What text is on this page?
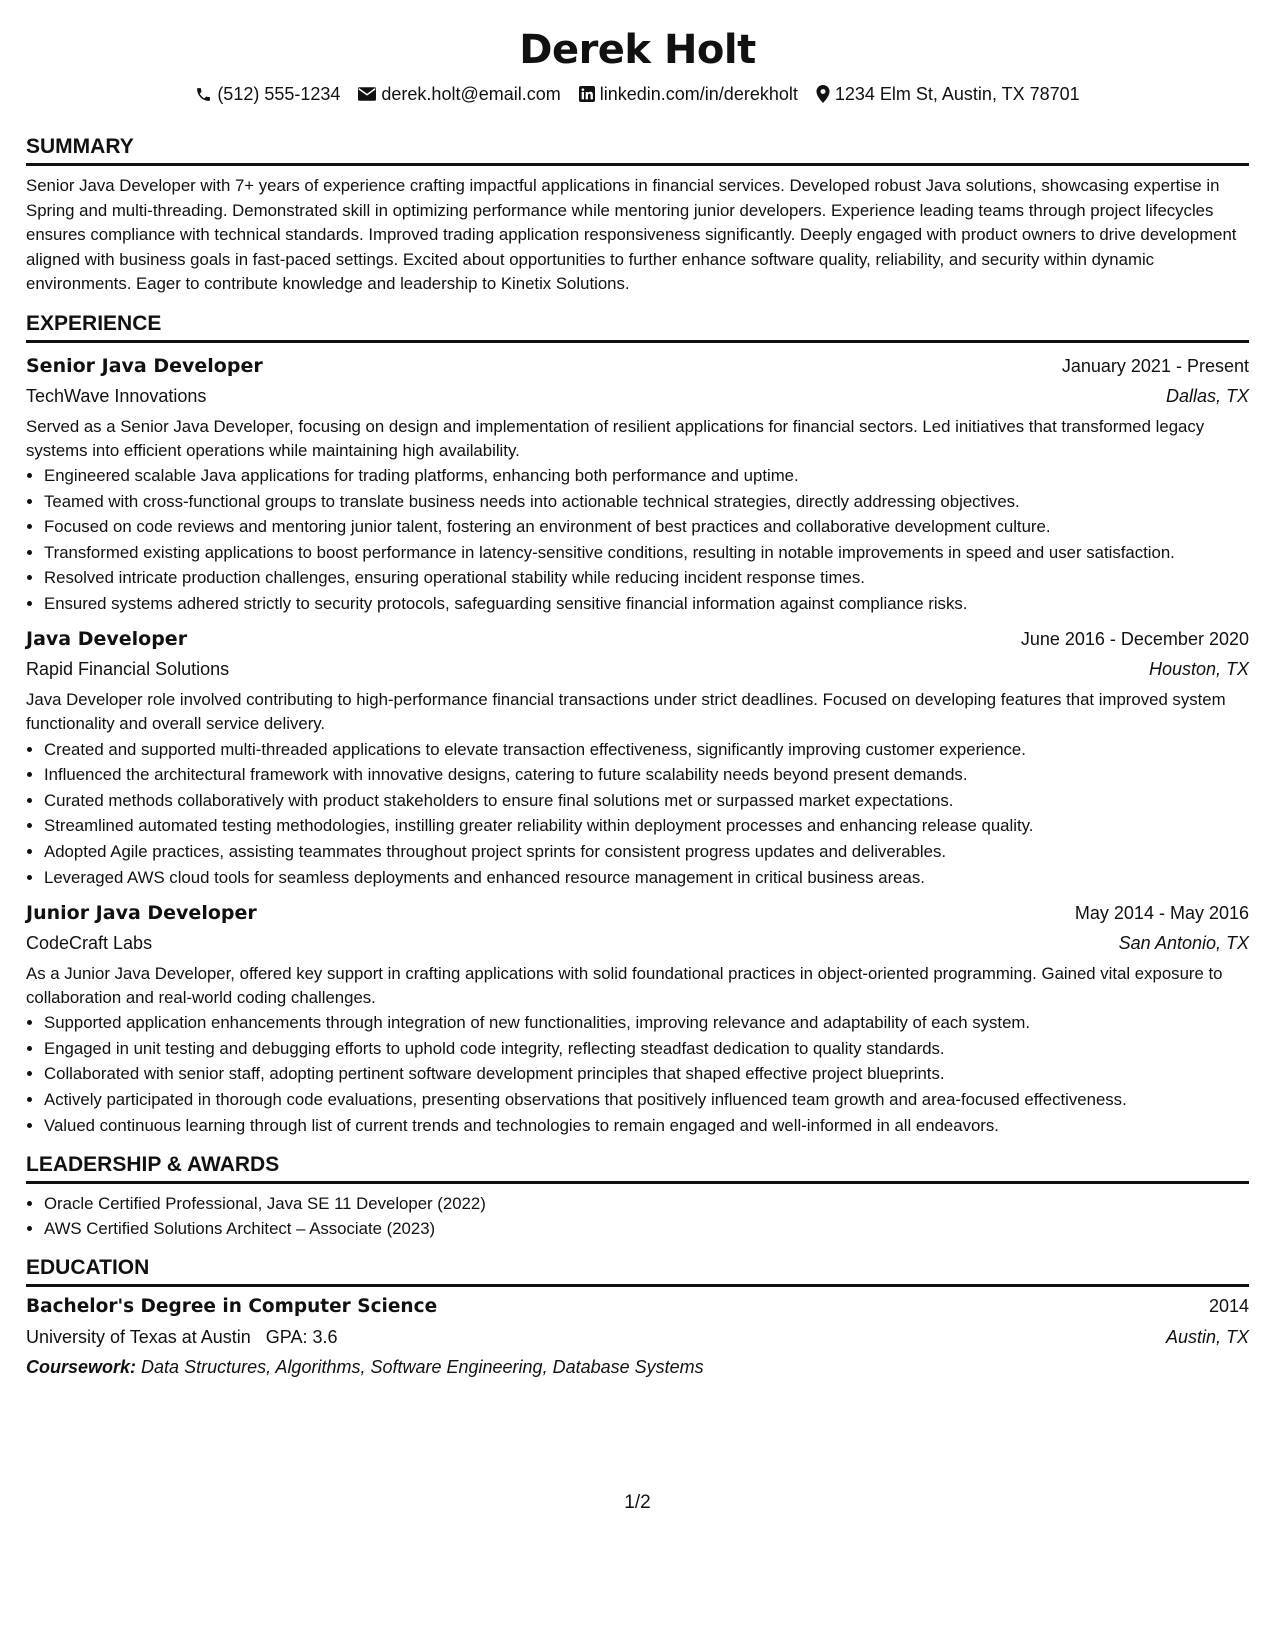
Derek Holt
(512) 555-1234 derek.holt@email.com linkedin.com/in/derekholt 1234 Elm St, Austin, TX 78701
SUMMARY
Senior Java Developer with 7+ years of experience crafting impactful applications in financial services. Developed robust Java solutions, showcasing expertise in Spring and multi-threading. Demonstrated skill in optimizing performance while mentoring junior developers. Experience leading teams through project lifecycles ensures compliance with technical standards. Improved trading application responsiveness significantly. Deeply engaged with product owners to drive development aligned with business goals in fast-paced settings. Excited about opportunities to further enhance software quality, reliability, and security within dynamic environments. Eager to contribute knowledge and leadership to Kinetix Solutions.
EXPERIENCE
Senior Java Developer	January 2021 - Present
TechWave Innovations	Dallas, TX
Served as a Senior Java Developer, focusing on design and implementation of resilient applications for financial sectors. Led initiatives that transformed legacy systems into efficient operations while maintaining high availability.
• Engineered scalable Java applications for trading platforms, enhancing both performance and uptime.
• Teamed with cross-functional groups to translate business needs into actionable technical strategies, directly addressing objectives.
• Focused on code reviews and mentoring junior talent, fostering an environment of best practices and collaborative development culture.
• Transformed existing applications to boost performance in latency-sensitive conditions, resulting in notable improvements in speed and user satisfaction.
• Resolved intricate production challenges, ensuring operational stability while reducing incident response times.
• Ensured systems adhered strictly to security protocols, safeguarding sensitive financial information against compliance risks.
Java Developer	June 2016 - December 2020
Rapid Financial Solutions	Houston, TX
Java Developer role involved contributing to high-performance financial transactions under strict deadlines. Focused on developing features that improved system functionality and overall service delivery.
• Created and supported multi-threaded applications to elevate transaction effectiveness, significantly improving customer experience.
• Influenced the architectural framework with innovative designs, catering to future scalability needs beyond present demands.
• Curated methods collaboratively with product stakeholders to ensure final solutions met or surpassed market expectations.
• Streamlined automated testing methodologies, instilling greater reliability within deployment processes and enhancing release quality.
• Adopted Agile practices, assisting teammates throughout project sprints for consistent progress updates and deliverables.
• Leveraged AWS cloud tools for seamless deployments and enhanced resource management in critical business areas.
Junior Java Developer	May 2014 - May 2016
CodeCraft Labs	San Antonio, TX
As a Junior Java Developer, offered key support in crafting applications with solid foundational practices in object-oriented programming. Gained vital exposure to collaboration and real-world coding challenges.
• Supported application enhancements through integration of new functionalities, improving relevance and adaptability of each system.
• Engaged in unit testing and debugging efforts to uphold code integrity, reflecting steadfast dedication to quality standards.
• Collaborated with senior staff, adopting pertinent software development principles that shaped effective project blueprints.
• Actively participated in thorough code evaluations, presenting observations that positively influenced team growth and area-focused effectiveness.
• Valued continuous learning through list of current trends and technologies to remain engaged and well-informed in all endeavors.
LEADERSHIP & AWARDS
• Oracle Certified Professional, Java SE 11 Developer (2022)
• AWS Certified Solutions Architect – Associate (2023)
EDUCATION
Bachelor's Degree in Computer Science	2014
University of Texas at Austin GPA: 3.6	Austin, TX
Coursework: Data Structures, Algorithms, Software Engineering, Database Systems
1/2
